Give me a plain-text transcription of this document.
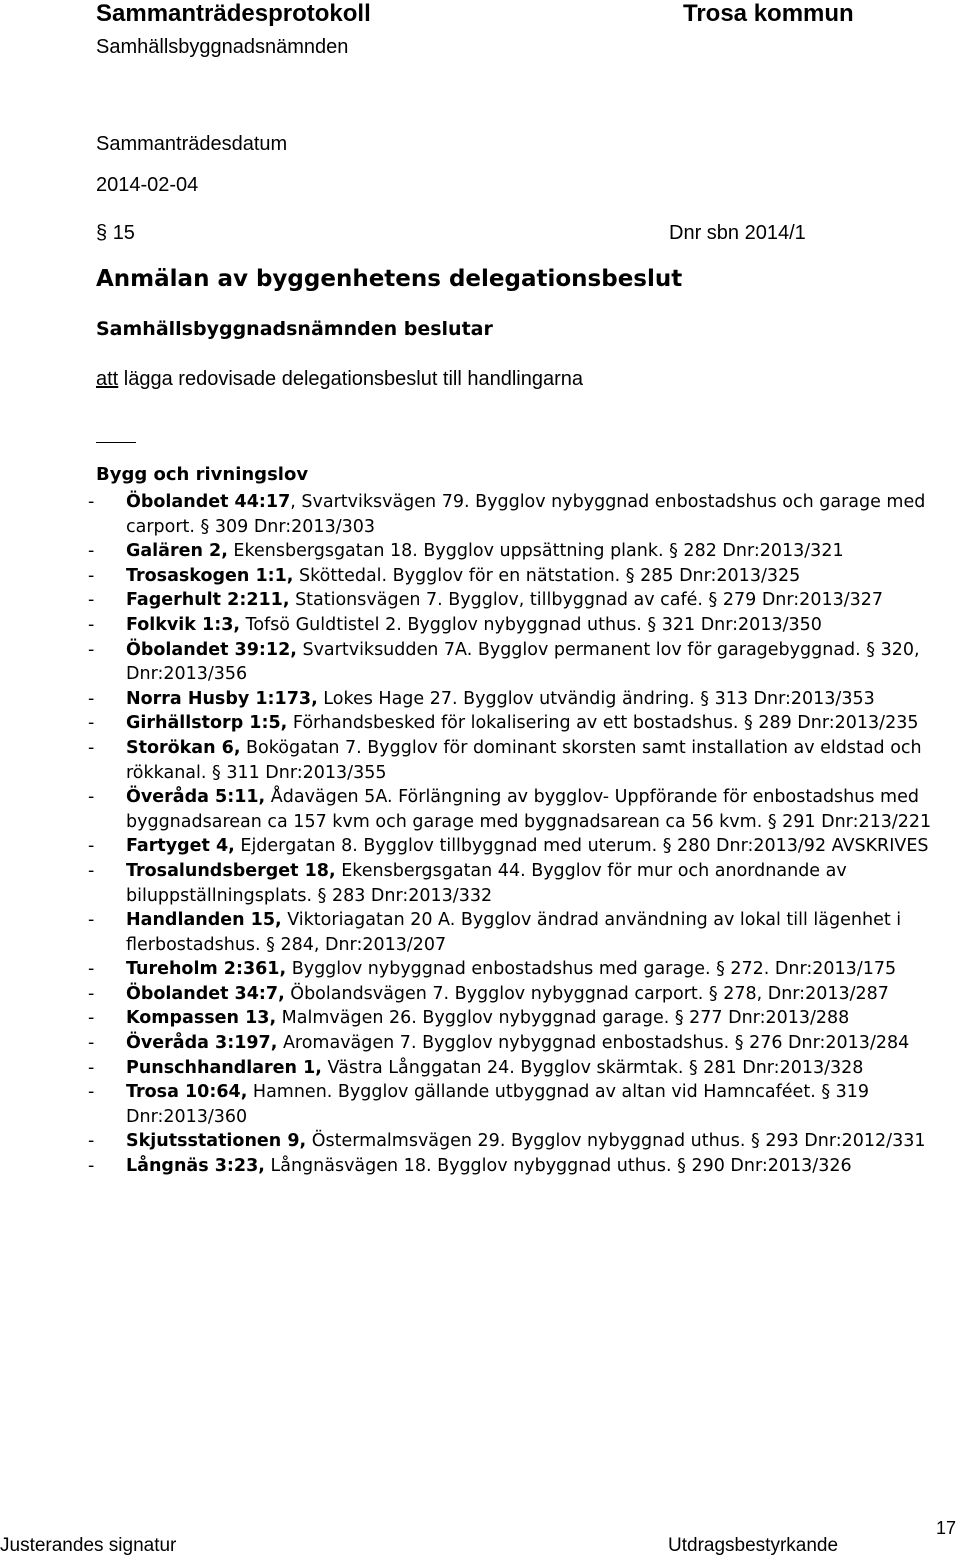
Sammanträdesprotokoll	Trosa kommun
Samhällsbyggnadsnämnden
Sammanträdesdatum
2014-02-04
§ 15	Dnr sbn 2014/1
Anmälan av byggenhetens delegationsbeslut
Samhällsbyggnadsnämnden beslutar
att lägga redovisade delegationsbeslut till handlingarna
Bygg och rivningslov
-	Öbolandet 44:17, Svartviksvägen 79. Bygglov nybyggnad enbostadshus och garage med carport. § 309 Dnr:2013/303
-	Galären 2, Ekensbergsgatan 18. Bygglov uppsättning plank. § 282 Dnr:2013/321
-	Trosaskogen 1:1, Sköttedal. Bygglov för en nätstation. § 285 Dnr:2013/325
-	Fagerhult 2:211, Stationsvägen 7. Bygglov, tillbyggnad av café. § 279 Dnr:2013/327
-	Folkvik 1:3, Tofsö Guldtistel 2. Bygglov nybyggnad uthus. § 321 Dnr:2013/350
-	Öbolandet 39:12, Svartviksudden 7A. Bygglov permanent lov för garagebyggnad. § 320, Dnr:2013/356
-	Norra Husby 1:173, Lokes Hage 27. Bygglov utvändig ändring. § 313 Dnr:2013/353
-	Girhällstorp 1:5, Förhandsbesked för lokalisering av ett bostadshus. § 289 Dnr:2013/235
-	Storökan 6, Bokögatan 7. Bygglov för dominant skorsten samt installation av eldstad och rökkanal. § 311 Dnr:2013/355
-	Överåda 5:11, Ådavägen 5A. Förlängning av bygglov- Uppförande för enbostadshus med byggnadsarean ca 157 kvm och garage med byggnadsarean ca 56 kvm. § 291 Dnr:213/221
-	Fartyget 4, Ejdergatan 8. Bygglov tillbyggnad med uterum. § 280 Dnr:2013/92 AVSKRIVES
-	Trosalundsberget 18, Ekensbergsgatan 44. Bygglov för mur och anordnande av biluppställningsplats. § 283 Dnr:2013/332
-	Handlanden 15, Viktoriagatan 20 A. Bygglov ändrad användning av lokal till lägenhet i flerbostadshus. § 284, Dnr:2013/207
-	Tureholm 2:361, Bygglov nybyggnad enbostadshus med garage. § 272. Dnr:2013/175
-	Öbolandet 34:7, Öbolandsvägen 7. Bygglov nybyggnad carport. § 278, Dnr:2013/287
-	Kompassen 13, Malmvägen 26. Bygglov nybyggnad garage. § 277 Dnr:2013/288
-	Överåda 3:197, Aromavägen 7. Bygglov nybyggnad enbostadshus. § 276 Dnr:2013/284
-	Punschhandlaren 1, Västra Långgatan 24. Bygglov skärmtak. § 281 Dnr:2013/328
-	Trosa 10:64, Hamnen. Bygglov gällande utbyggnad av altan vid Hamncaféet. § 319 Dnr:2013/360
-	Skjutsstationen 9, Östermalmsvägen 29. Bygglov nybyggnad uthus. § 293 Dnr:2012/331
-	Långnäs 3:23, Långnäsvägen 18. Bygglov nybyggnad uthus. § 290 Dnr:2013/326
Justerandes signatur	Utdragsbestyrkande
17
